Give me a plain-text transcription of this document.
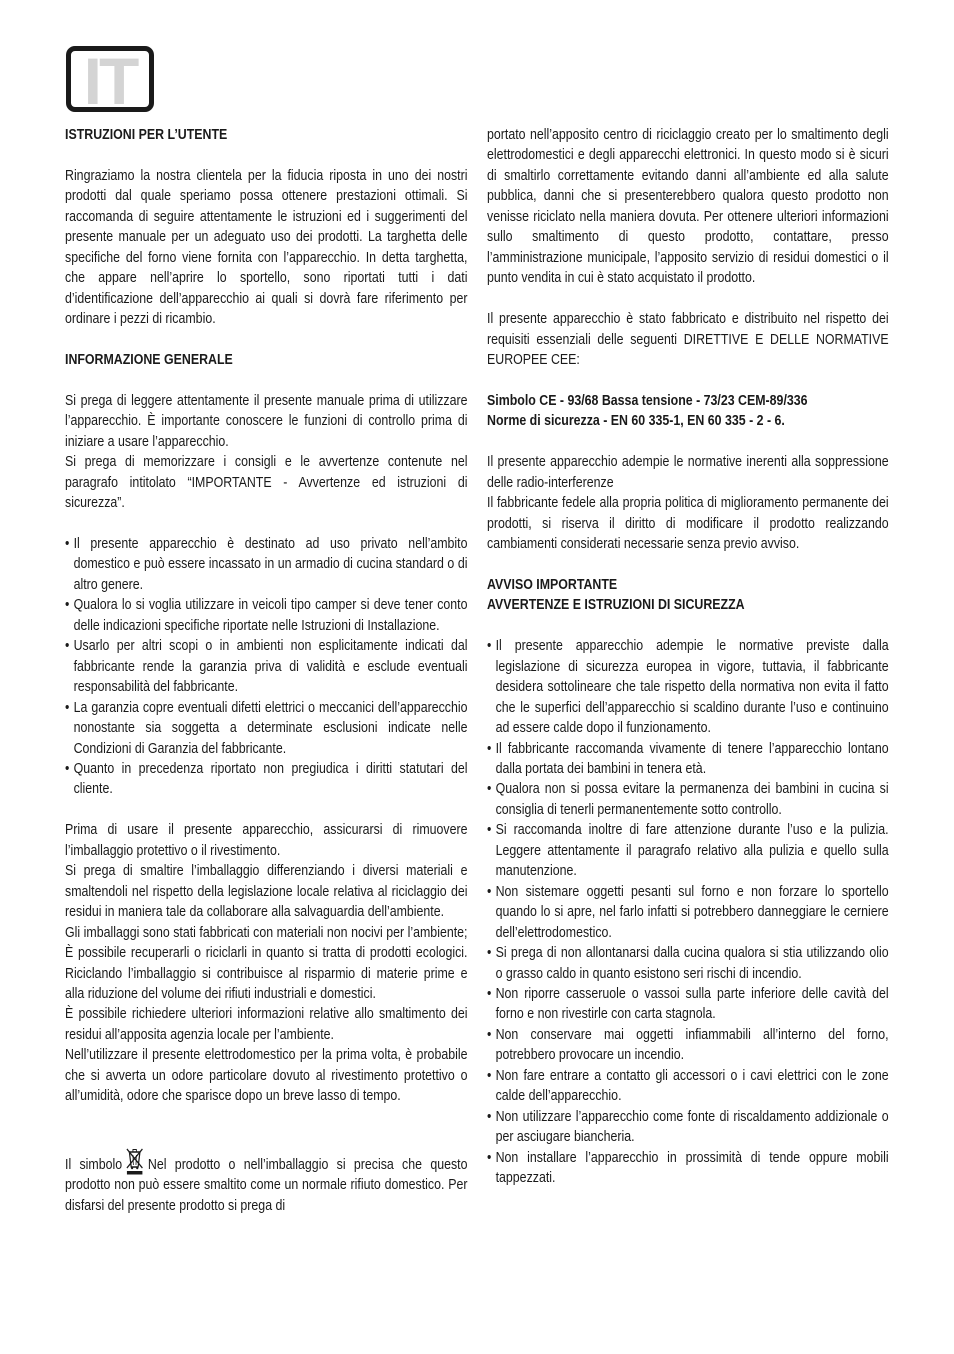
IT
ISTRUZIONI PER L’UTENTE

Ringraziamo la nostra clientela per la fiducia riposta in uno dei nostri prodotti dal quale speriamo possa ottenere prestazioni ottimali. Si raccomanda di seguire attentamente le istruzioni ed i suggerimenti del presente manuale per un adeguato uso dei prodotti. La targhetta delle specifiche del forno viene fornita con l’apparecchio. In detta targhetta, che appare nell’aprire lo sportello, sono riportati tutti i dati d’identificazione dell’apparecchio ai quali si dovrà fare riferimento per ordinare i pezzi di ricambio.

INFORMAZIONE GENERALE

Si prega di leggere attentamente il presente manuale prima di utilizzare l’apparecchio. È importante conoscere le funzioni di controllo prima di iniziare a usare l’apparecchio.

Si prega di memorizzare i consigli e le avvertenze contenute nel paragrafo intitolato “IMPORTANTE - Avvertenze ed istruzioni di sicurezza”.

• Il presente apparecchio è destinato ad uso privato nell’ambito domestico e può essere incassato in un armadio di cucina standard o di altro genere.
• Qualora lo si voglia utilizzare in veicoli tipo camper si deve tener conto delle indicazioni specifiche riportate nelle Istruzioni di Installazione.
• Usarlo per altri scopi o in ambienti non esplicitamente indicati dal fabbricante rende la garanzia priva di validità e esclude eventuali responsabilità del fabbricante.
• La garanzia copre eventuali difetti elettrici o meccanici dell’apparecchio nonostante sia soggetta a determinate esclusioni indicate nelle Condizioni di Garanzia del fabbricante.
• Quanto in precedenza riportato non pregiudica i diritti statutari del cliente.

Prima di usare il presente apparecchio, assicurarsi di rimuovere l’imballaggio protettivo o il rivestimento.

Si prega di smaltire l’imballaggio differenziando i diversi materiali e smaltendoli nel rispetto della legislazione locale relativa al riciclaggio dei residui in maniera tale da collaborare alla salvaguardia dell’ambiente.

Gli imballaggi sono stati fabbricati con materiali non nocivi per l’ambiente; È possibile recuperarli o riciclarli in quanto si tratta di prodotti ecologici. Riciclando l’imballaggio si contribuisce al risparmio di materie prime e alla riduzione del volume dei rifiuti industriali e domestici.

È possibile richiedere ulteriori informazioni relative allo smaltimento dei residui all’apposita agenzia locale per l’ambiente.

Nell’utilizzare il presente elettrodomestico per la prima volta, è probabile che si avverta un odore particolare dovuto al rivestimento protettivo o all’umidità, odore che sparisce dopo un breve lasso di tempo.

Il simbolo Nel prodotto o nell’imballaggio si precisa che questo prodotto non può essere smaltito come un normale rifiuto domestico. Per disfarsi del presente prodotto si prega di

portato nell’apposito centro di riciclaggio creato per lo smaltimento degli elettrodomestici e degli apparecchi elettronici. In questo modo si è sicuri di smaltirlo correttamente evitando danni all’ambiente ed alla salute pubblica, danni che si presenterebbero qualora questo prodotto non venisse riciclato nella maniera dovuta. Per ottenere ulteriori informazioni sullo smaltimento di questo prodotto, contattare, presso l’amministrazione municipale, l’apposito servizio di residui domestici o il punto vendita in cui è stato acquistato il prodotto.

Il presente apparecchio è stato fabbricato e distribuito nel rispetto dei requisiti essenziali delle seguenti DIRETTIVE E DELLE NORMATIVE EUROPEE CEE:

Simbolo CE - 93/68 Bassa tensione - 73/23 CEM-89/336

Norme di sicurezza - EN 60 335-1, EN 60 335 - 2 - 6.

Il presente apparecchio adempie le normative inerenti alla soppressione delle radio-interferenze

Il fabbricante fedele alla propria politica di miglioramento permanente dei prodotti, si riserva il diritto di modificare il prodotto realizzando cambiamenti considerati necessarie senza previo avviso.

AVVISO IMPORTANTE
AVVERTENZE E ISTRUZIONI DI SICUREZZA
• Il presente apparecchio adempie le normative previste dalla legislazione di sicurezza europea in vigore, tuttavia, il fabbricante desidera sottolineare che tale rispetto della normativa non evita il fatto che le superfici dell’apparecchio si scaldino durante l’uso e continuino ad essere calde dopo il funzionamento.
• Il fabbricante raccomanda vivamente di tenere l’apparecchio lontano dalla portata dei bambini in tenera età.
• Qualora non si possa evitare la permanenza dei bambini in cucina si consiglia di tenerli permanentemente sotto controllo.
• Si raccomanda inoltre di fare attenzione durante l’uso e la pulizia. Leggere attentamente il paragrafo relativo alla pulizia e quello sulla manutenzione.
• Non sistemare oggetti pesanti sul forno e non forzare lo sportello quando lo si apre, nel farlo infatti si potrebbero danneggiare le cerniere dell’elettrodomestico.
• Si prega di non allontanarsi dalla cucina qualora si stia utilizzando olio o grasso caldo in quanto esistono seri rischi di incendio.
• Non riporre casseruole o vassoi sulla parte inferiore delle cavità del forno e non rivestirle con carta stagnola.
• Non conservare mai oggetti infiammabili all’interno del forno, potrebbero provocare un incendio.
• Non fare entrare a contatto gli accessori o i cavi elettrici con le zone calde dell’apparecchio.
• Non utilizzare l’apparecchio come fonte di riscaldamento addizionale o per asciugare biancheria.
• Non installare l’apparecchio in prossimità di tende oppure mobili tappezzati.
